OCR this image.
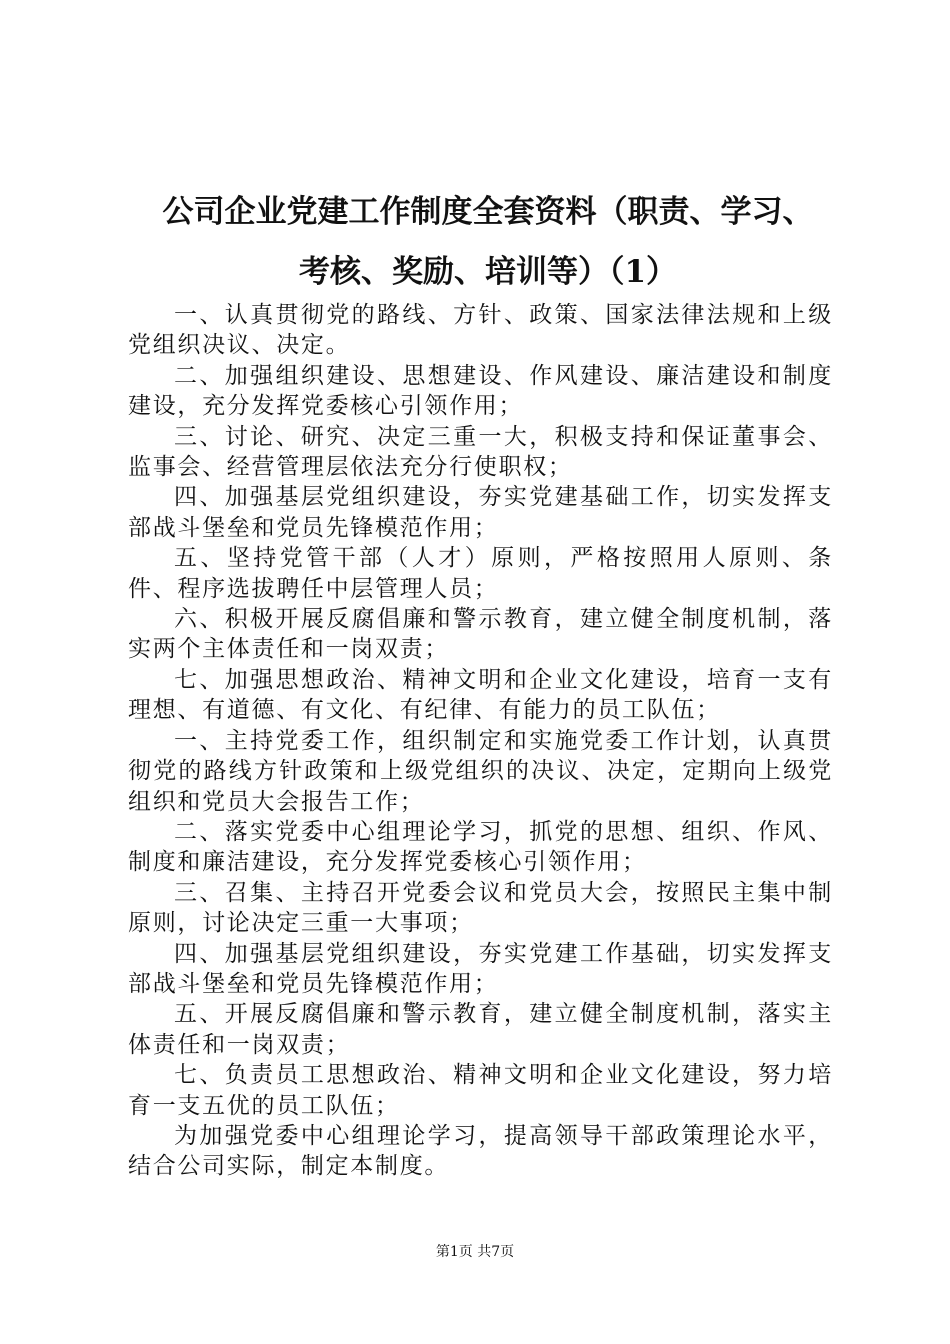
公司企业党建工作制度全套资料（职责、学习、
考核、奖励、培训等）（1）

一、认真贯彻党的路线、方针、政策、国家法律法规和上级党组织决议、决定。

二、加强组织建设、思想建设、作风建设、廉洁建设和制度建设，充分发挥党委核心引领作用；

三、讨论、研究、决定三重一大，积极支持和保证董事会、监事会、经营管理层依法充分行使职权；

四、加强基层党组织建设，夯实党建基础工作，切实发挥支部战斗堡垒和党员先锋模范作用；

五、坚持党管干部（人才）原则，严格按照用人原则、条件、程序选拔聘任中层管理人员；

六、积极开展反腐倡廉和警示教育，建立健全制度机制，落实两个主体责任和一岗双责；

七、加强思想政治、精神文明和企业文化建设，培育一支有理想、有道德、有文化、有纪律、有能力的员工队伍；

一、主持党委工作，组织制定和实施党委工作计划，认真贯彻党的路线方针政策和上级党组织的决议、决定，定期向上级党组织和党员大会报告工作；

二、落实党委中心组理论学习，抓党的思想、组织、作风、制度和廉洁建设，充分发挥党委核心引领作用；

三、召集、主持召开党委会议和党员大会，按照民主集中制原则，讨论决定三重一大事项；

四、加强基层党组织建设，夯实党建工作基础，切实发挥支部战斗堡垒和党员先锋模范作用；

五、开展反腐倡廉和警示教育，建立健全制度机制，落实主体责任和一岗双责；

七、负责员工思想政治、精神文明和企业文化建设，努力培育一支五优的员工队伍；

为加强党委中心组理论学习，提高领导干部政策理论水平，结合公司实际，制定本制度。

第1页 共7页
